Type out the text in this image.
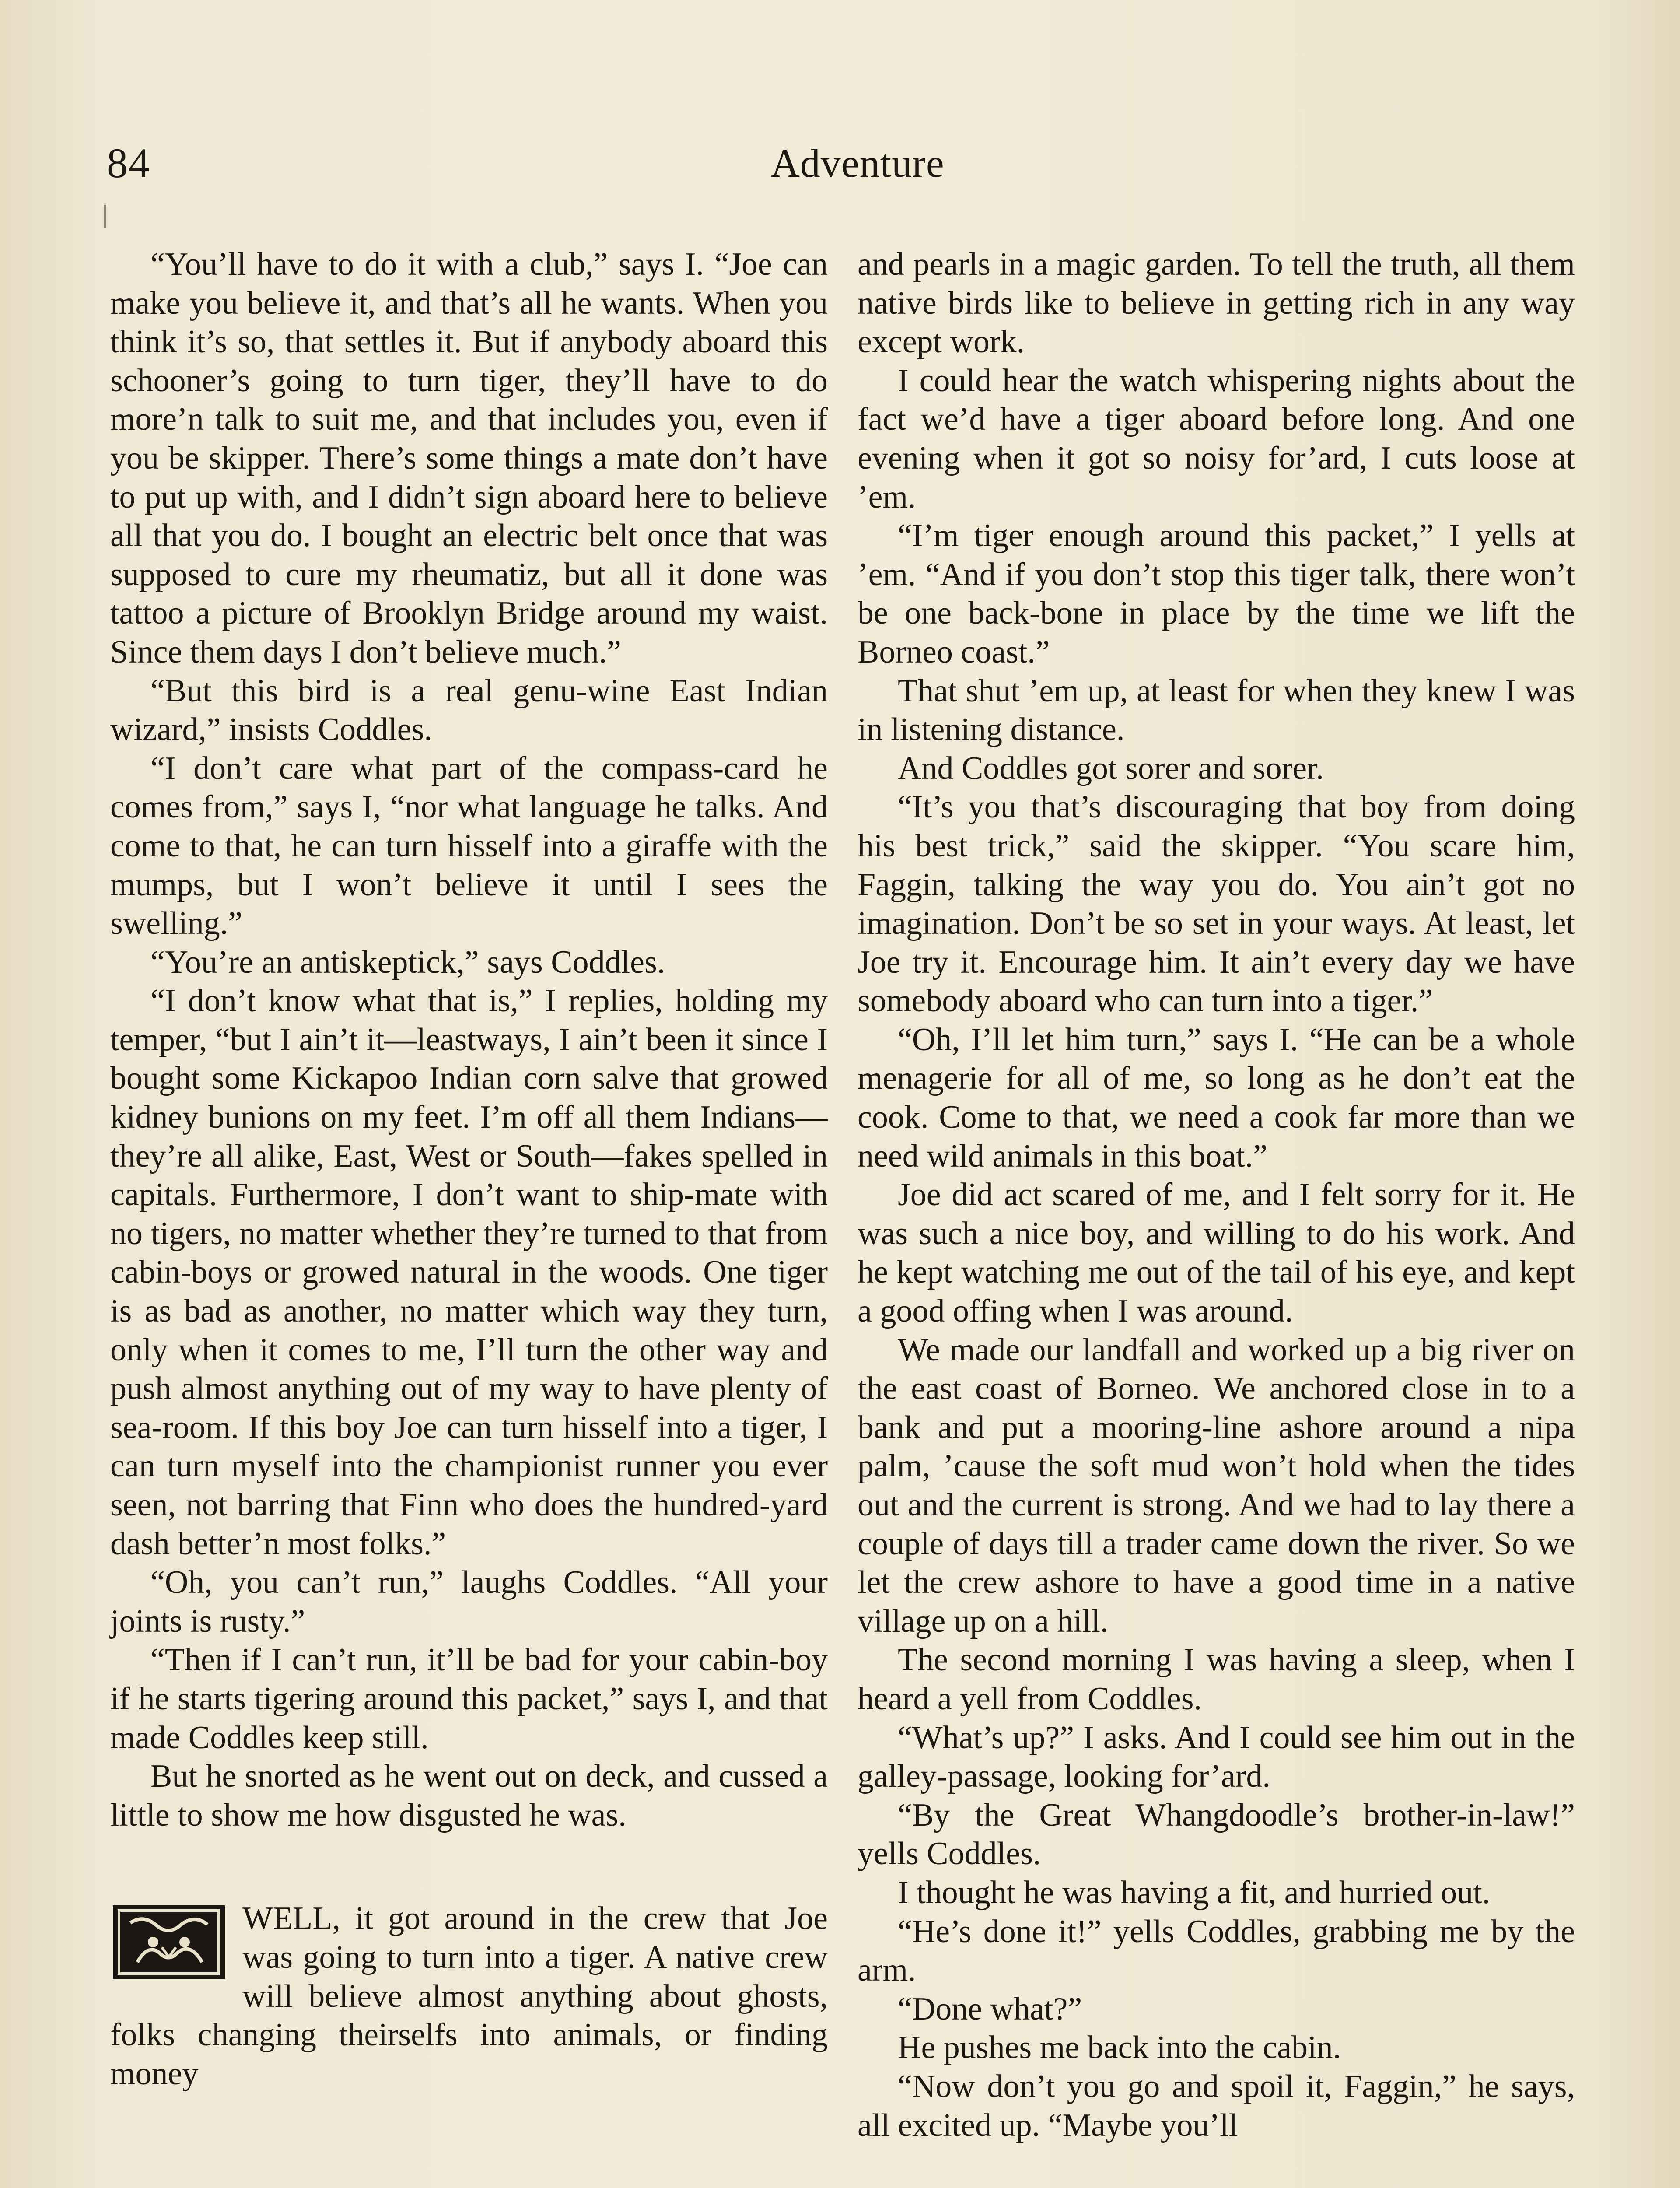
84	Adventure

“You’ll have to do it with a club,” says I. “Joe can make you believe it, and that’s all he wants. When you think it’s so, that settles it. But if anybody aboard this schooner’s going to turn tiger, they’ll have to do more’n talk to suit me, and that includes you, even if you be skipper. There’s some things a mate don’t have to put up with, and I didn’t sign aboard here to believe all that you do. I bought an electric belt once that was supposed to cure my rheumatiz, but all it done was tattoo a picture of Brooklyn Bridge around my waist. Since them days I don’t believe much.”

“But this bird is a real genu-wine East Indian wizard,” insists Coddles.

“I don’t care what part of the compass-card he comes from,” says I, “nor what language he talks. And come to that, he can turn hisself into a giraffe with the mumps, but I won’t believe it until I sees the swelling.”

“You’re an antiskeptick,” says Coddles.

“I don’t know what that is,” I replies, holding my temper, “but I ain’t it—leastways, I ain’t been it since I bought some Kickapoo Indian corn salve that growed kidney bunions on my feet. I’m off all them Indians—they’re all alike, East, West or South—fakes spelled in capitals. Furthermore, I don’t want to ship-mate with no tigers, no matter whether they’re turned to that from cabin-boys or growed natural in the woods. One tiger is as bad as another, no matter which way they turn, only when it comes to me, I’ll turn the other way and push almost anything out of my way to have plenty of sea-room. If this boy Joe can turn hisself into a tiger, I can turn myself into the championist runner you ever seen, not barring that Finn who does the hundred-yard dash better’n most folks.”

“Oh, you can’t run,” laughs Coddles. “All your joints is rusty.”

“Then if I can’t run, it’ll be bad for your cabin-boy if he starts tigering around this packet,” says I, and that made Coddles keep still.

But he snorted as he went out on deck, and cussed a little to show me how disgusted he was.

WELL, it got around in the crew that Joe was going to turn into a tiger. A native crew will believe almost anything about ghosts, folks changing theirselfs into animals, or finding money

and pearls in a magic garden. To tell the truth, all them native birds like to believe in getting rich in any way except work.

I could hear the watch whispering nights about the fact we’d have a tiger aboard before long. And one evening when it got so noisy for’ard, I cuts loose at ’em.

“I’m tiger enough around this packet,” I yells at ’em. “And if you don’t stop this tiger talk, there won’t be one back-bone in place by the time we lift the Borneo coast.”

That shut ’em up, at least for when they knew I was in listening distance.

And Coddles got sorer and sorer.

“It’s you that’s discouraging that boy from doing his best trick,” said the skipper. “You scare him, Faggin, talking the way you do. You ain’t got no imagination. Don’t be so set in your ways. At least, let Joe try it. Encourage him. It ain’t every day we have somebody aboard who can turn into a tiger.”

“Oh, I’ll let him turn,” says I. “He can be a whole menagerie for all of me, so long as he don’t eat the cook. Come to that, we need a cook far more than we need wild animals in this boat.”

Joe did act scared of me, and I felt sorry for it. He was such a nice boy, and willing to do his work. And he kept watching me out of the tail of his eye, and kept a good offing when I was around.

We made our landfall and worked up a big river on the east coast of Borneo. We anchored close in to a bank and put a mooring-line ashore around a nipa palm, ’cause the soft mud won’t hold when the tides out and the current is strong. And we had to lay there a couple of days till a trader came down the river. So we let the crew ashore to have a good time in a native village up on a hill.

The second morning I was having a sleep, when I heard a yell from Coddles.

“What’s up?” I asks. And I could see him out in the galley-passage, looking for’ard.

“By the Great Whangdoodle’s brother-in-law!” yells Coddles.

I thought he was having a fit, and hurried out.

“He’s done it!” yells Coddles, grabbing me by the arm.

“Done what?”

He pushes me back into the cabin.

“Now don’t you go and spoil it, Faggin,” he says, all excited up. “Maybe you’ll
